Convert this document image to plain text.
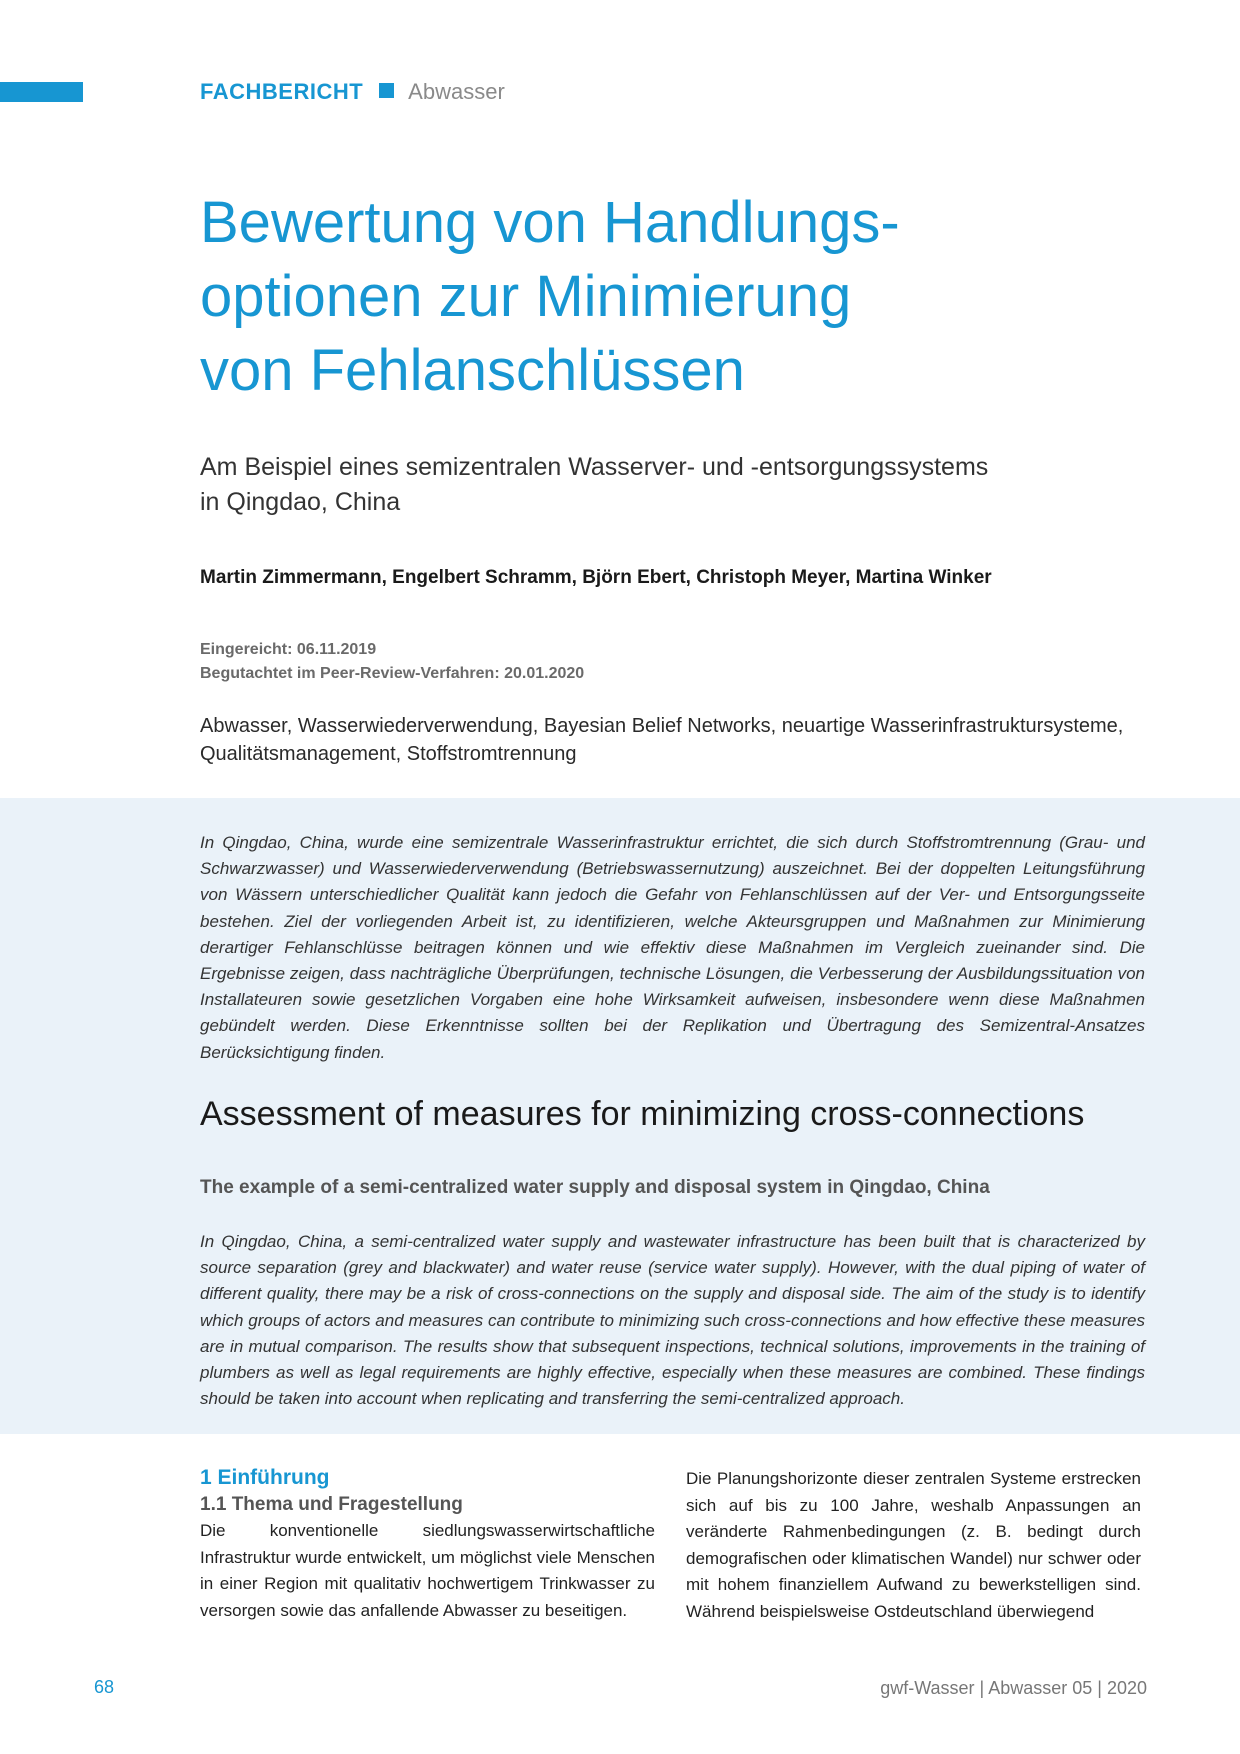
FACHBERICHT Abwasser
Bewertung von Handlungs-
optionen zur Minimierung
von Fehlanschlüssen

Am Beispiel eines semizentralen Wasserver- und -entsorgungssystems
in Qingdao, China

Martin Zimmermann, Engelbert Schramm, Björn Ebert, Christoph Meyer, Martina Winker
Eingereicht: 06.11.2019
Begutachtet im Peer-Review-Verfahren: 20.01.2020
Abwasser, Wasserwiederverwendung, Bayesian Belief Networks, neuartige Wasserinfrastruktursysteme,
Qualitätsmanagement, Stoffstromtrennung

In Qingdao, China, wurde eine semizentrale Wasserinfrastruktur errichtet, die sich durch Stoffstromtrennung (Grau- und Schwarzwasser) und Wasserwiederverwendung (Betriebswassernutzung) auszeichnet. Bei der doppelten Leitungsführung von Wässern unterschiedlicher Qualität kann jedoch die Gefahr von Fehlanschlüssen auf der Ver- und Entsorgungsseite bestehen. Ziel der vorliegenden Arbeit ist, zu identifizieren, welche Akteursgruppen und Maßnahmen zur Minimierung derartiger Fehlanschlüsse beitragen können und wie effektiv diese Maßnahmen im Vergleich zueinander sind. Die Ergebnisse zeigen, dass nachträgliche Überprüfungen, technische Lösungen, die Verbesserung der Ausbildungssituation von Installateuren sowie gesetzlichen Vorgaben eine hohe Wirksamkeit aufweisen, insbesondere wenn diese Maßnahmen gebündelt werden. Diese Erkenntnisse sollten bei der Replikation und Übertragung des Semizentral-Ansatzes Berücksichtigung finden.

Assessment of measures for minimizing cross-connections
The example of a semi-centralized water supply and disposal system in Qingdao, China

In Qingdao, China, a semi-centralized water supply and wastewater infrastructure has been built that is characterized by source separation (grey and blackwater) and water reuse (service water supply). However, with the dual piping of water of different quality, there may be a risk of cross-connections on the supply and disposal side. The aim of the study is to identify which groups of actors and measures can contribute to minimizing such cross-connections and how effective these measures are in mutual comparison. The results show that subsequent inspections, technical solutions, improvements in the training of plumbers as well as legal requirements are highly effective, especially when these measures are combined. These findings should be taken into account when replicating and transferring the semi-centralized approach.

1 Einführung
1.1 Thema und Fragestellung

Die konventionelle siedlungswasserwirtschaftliche Infrastruktur wurde entwickelt, um möglichst viele Menschen in einer Region mit qualitativ hochwertigem Trinkwasser zu versorgen sowie das anfallende Abwasser zu beseitigen.

Die Planungshorizonte dieser zentralen Systeme erstrecken sich auf bis zu 100 Jahre, weshalb Anpassungen an veränderte Rahmenbedingungen (z. B. bedingt durch demografischen oder klimatischen Wandel) nur schwer oder mit hohem finanziellem Aufwand zu bewerkstelligen sind. Während beispielsweise Ostdeutschland überwiegend

68	gwf-Wasser | Abwasser 05 | 2020
